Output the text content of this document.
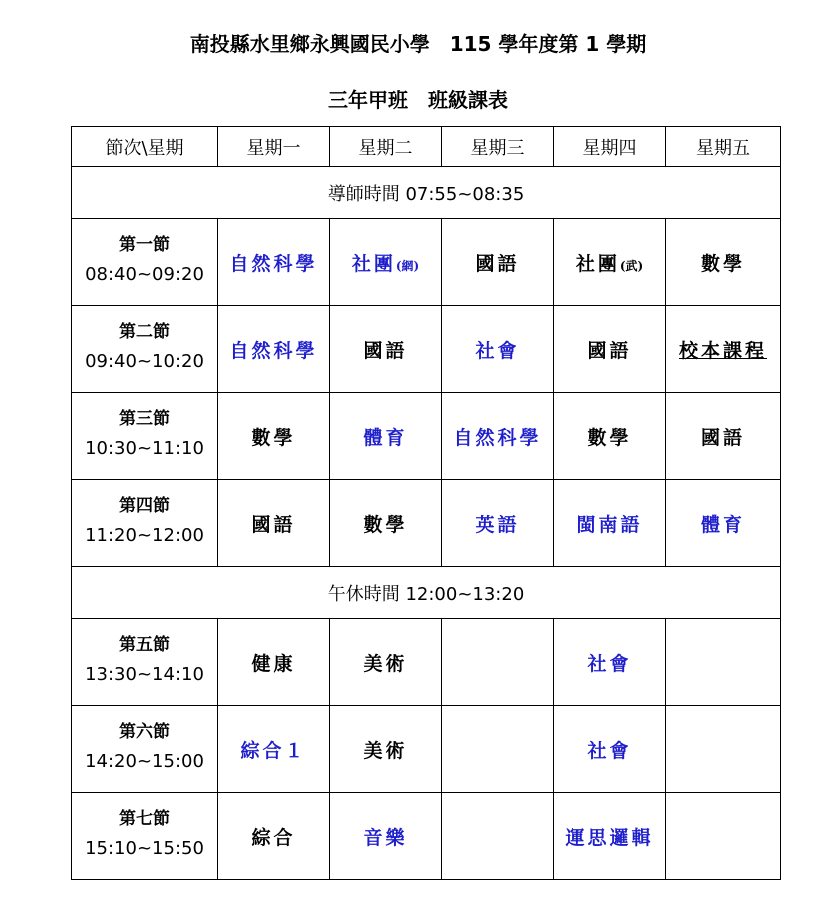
南投縣水里鄉永興國民小學　115 學年度第 1 學期
三年甲班　班級課表
節次\星期	星期一	星期二	星期三	星期四	星期五
導師時間 07:55~08:35					

第一節
08:40~09:20	自然科學	社團(網)	國語	社團(武)	數學

第二節
09:40~10:20	自然科學	國語	社會	國語	校本課程

第三節
10:30~11:10	數學	體育	自然科學	數學	國語

第四節
11:20~12:00	國語	數學	英語	閩南語	體育
午休時間 12:00~13:20					

第五節
13:30~14:10	健康	美術		社會	

第六節
14:20~15:00	綜合１	美術		社會	

第七節
15:10~15:50	綜合	音樂		運思邏輯	
